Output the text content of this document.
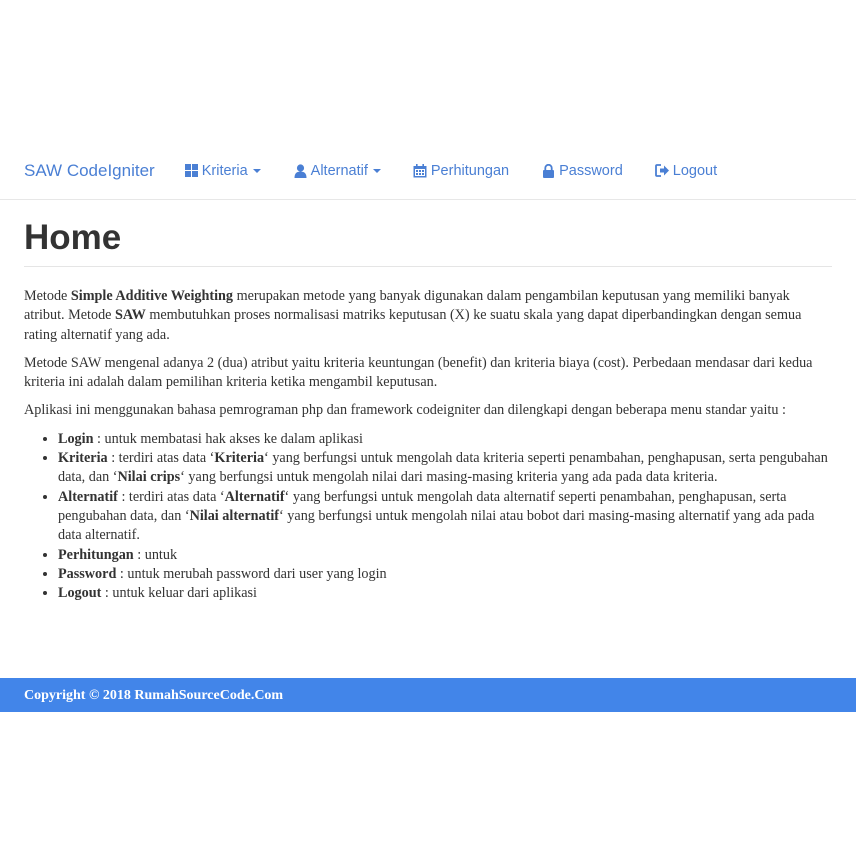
SAW CodeIgniter	Kriteria	Alternatif	Perhitungan	Password	Logout
Home

Metode Simple Additive Weighting merupakan metode yang banyak digunakan dalam pengambilan keputusan yang memiliki banyak atribut. Metode SAW membutuhkan proses normalisasi matriks keputusan (X) ke suatu skala yang dapat diperbandingkan dengan semua rating alternatif yang ada.

Metode SAW mengenal adanya 2 (dua) atribut yaitu kriteria keuntungan (benefit) dan kriteria biaya (cost). Perbedaan mendasar dari kedua kriteria ini adalah dalam pemilihan kriteria ketika mengambil keputusan.

Aplikasi ini menggunakan bahasa pemrograman php dan framework codeigniter dan dilengkapi dengan beberapa menu standar yaitu :

• Login : untuk membatasi hak akses ke dalam aplikasi
• Kriteria : terdiri atas data ‘Kriteria‘ yang berfungsi untuk mengolah data kriteria seperti penambahan, penghapusan, serta pengubahan data, dan ‘Nilai crips‘ yang berfungsi untuk mengolah nilai dari masing-masing kriteria yang ada pada data kriteria.
• Alternatif : terdiri atas data ‘Alternatif‘ yang berfungsi untuk mengolah data alternatif seperti penambahan, penghapusan, serta pengubahan data, dan ‘Nilai alternatif‘ yang berfungsi untuk mengolah nilai atau bobot dari masing-masing alternatif yang ada pada data alternatif.
• Perhitungan : untuk
• Password : untuk merubah password dari user yang login
• Logout : untuk keluar dari aplikasi
Copyright © 2018 RumahSourceCode.Com
